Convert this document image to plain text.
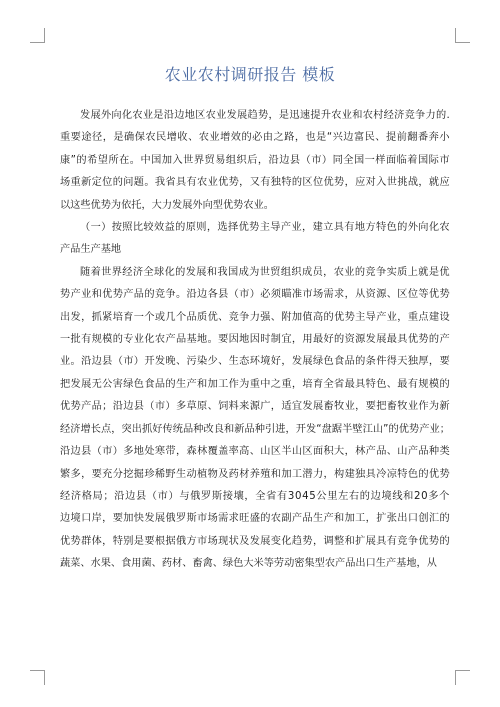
农业农村调研报告 模板
发展外向化农业是沿边地区农业发展趋势，是迅速提升农业和农村经济竞争力的.
重要途径，是确保农民增收、农业增效的必由之路，也是“兴边富民、提前翻番奔小
康”的希望所在。中国加入世界贸易组织后，沿边县（市）同全国一样面临着国际市
场重新定位的问题。我省具有农业优势，又有独特的区位优势，应对入世挑战，就应
以这些优势为依托，大力发展外向型优势农业。
（一）按照比较效益的原则，选择优势主导产业，建立具有地方特色的外向化农
产品生产基地
随着世界经济全球化的发展和我国成为世贸组织成员，农业的竞争实质上就是优
势产业和优势产品的竞争。沿边各县（市）必须瞄准市场需求，从资源、区位等优势
出发，抓紧培育一个或几个品质优、竞争力强、附加值高的优势主导产业，重点建设
一批有规模的专业化农产品基地。要因地因时制宜，用最好的资源发展最具优势的产
业。沿边县（市）开发晚、污染少、生态环境好，发展绿色食品的条件得天独厚，要
把发展无公害绿色食品的生产和加工作为重中之重，培育全省最具特色、最有规模的
优势产品；沿边县（市）多草原、饲料来源广，适宜发展畜牧业，要把畜牧业作为新
经济增长点，突出抓好传统品种改良和新品种引进，开发“盘踞半壁江山”的优势产业；
沿边县（市）多地处寒带，森林覆盖率高、山区半山区面积大，林产品、山产品种类
繁多，要充分挖掘珍稀野生动植物及药材养殖和加工潜力，构建独具冷凉特色的优势
经济格局；沿边县（市）与俄罗斯接壤，全省有3045公里左右的边境线和20多个
边境口岸，要加快发展俄罗斯市场需求旺盛的农副产品生产和加工，扩张出口创汇的
优势群体，特别是要根据俄方市场现状及发展变化趋势，调整和扩展具有竞争优势的
蔬菜、水果、食用菌、药材、畜禽、绿色大米等劳动密集型农产品出口生产基地，从
